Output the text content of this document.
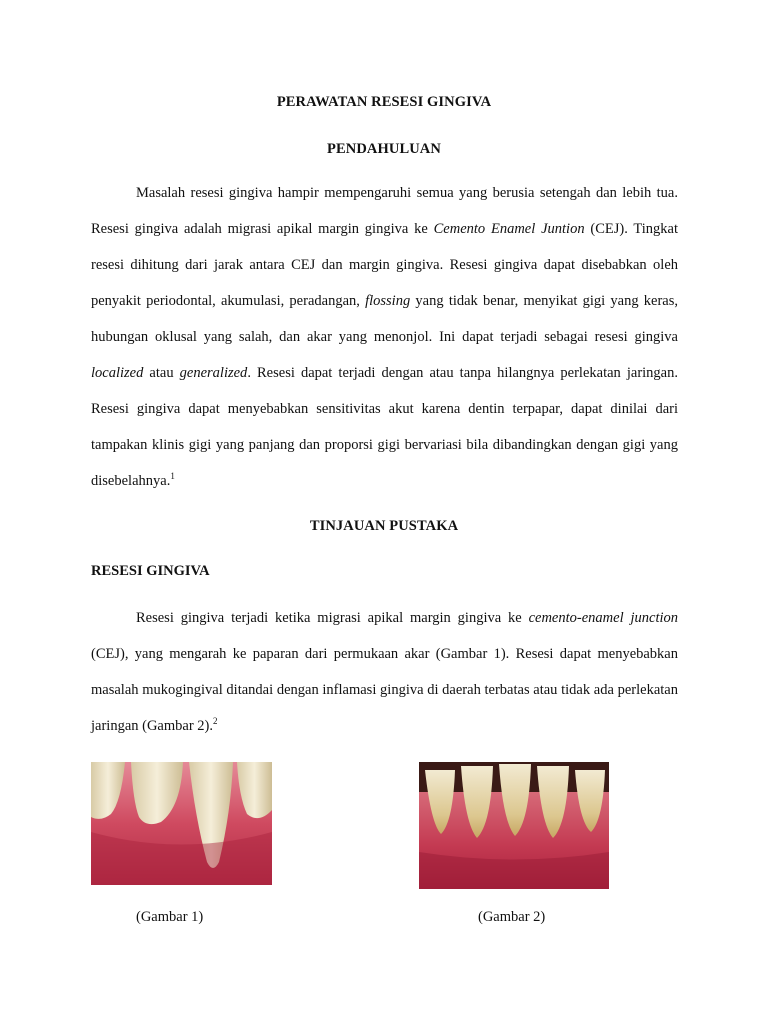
PERAWATAN RESESI GINGIVA
PENDAHULUAN

Masalah resesi gingiva hampir mempengaruhi semua yang berusia setengah dan lebih tua. Resesi gingiva adalah migrasi apikal margin gingiva ke Cemento Enamel Juntion (CEJ). Tingkat resesi dihitung dari jarak antara CEJ dan margin gingiva. Resesi gingiva dapat disebabkan oleh penyakit periodontal, akumulasi, peradangan, flossing yang tidak benar, menyikat gigi yang keras, hubungan oklusal yang salah, dan akar yang menonjol. Ini dapat terjadi sebagai resesi gingiva localized atau generalized. Resesi dapat terjadi dengan atau tanpa hilangnya perlekatan jaringan. Resesi gingiva dapat menyebabkan sensitivitas akut karena dentin terpapar, dapat dinilai dari tampakan klinis gigi yang panjang dan proporsi gigi bervariasi bila dibandingkan dengan gigi yang disebelahnya.$^1$

TINJAUAN PUSTAKA
RESESI GINGIVA

Resesi gingiva terjadi ketika migrasi apikal margin gingiva ke cemento-enamel junction (CEJ), yang mengarah ke paparan dari permukaan akar (Gambar 1). Resesi dapat menyebabkan masalah mukogingival ditandai dengan inflamasi gingiva di daerah terbatas atau tidak ada perlekatan jaringan (Gambar 2).$^2$

(Gambar 1)	(Gambar 2)
